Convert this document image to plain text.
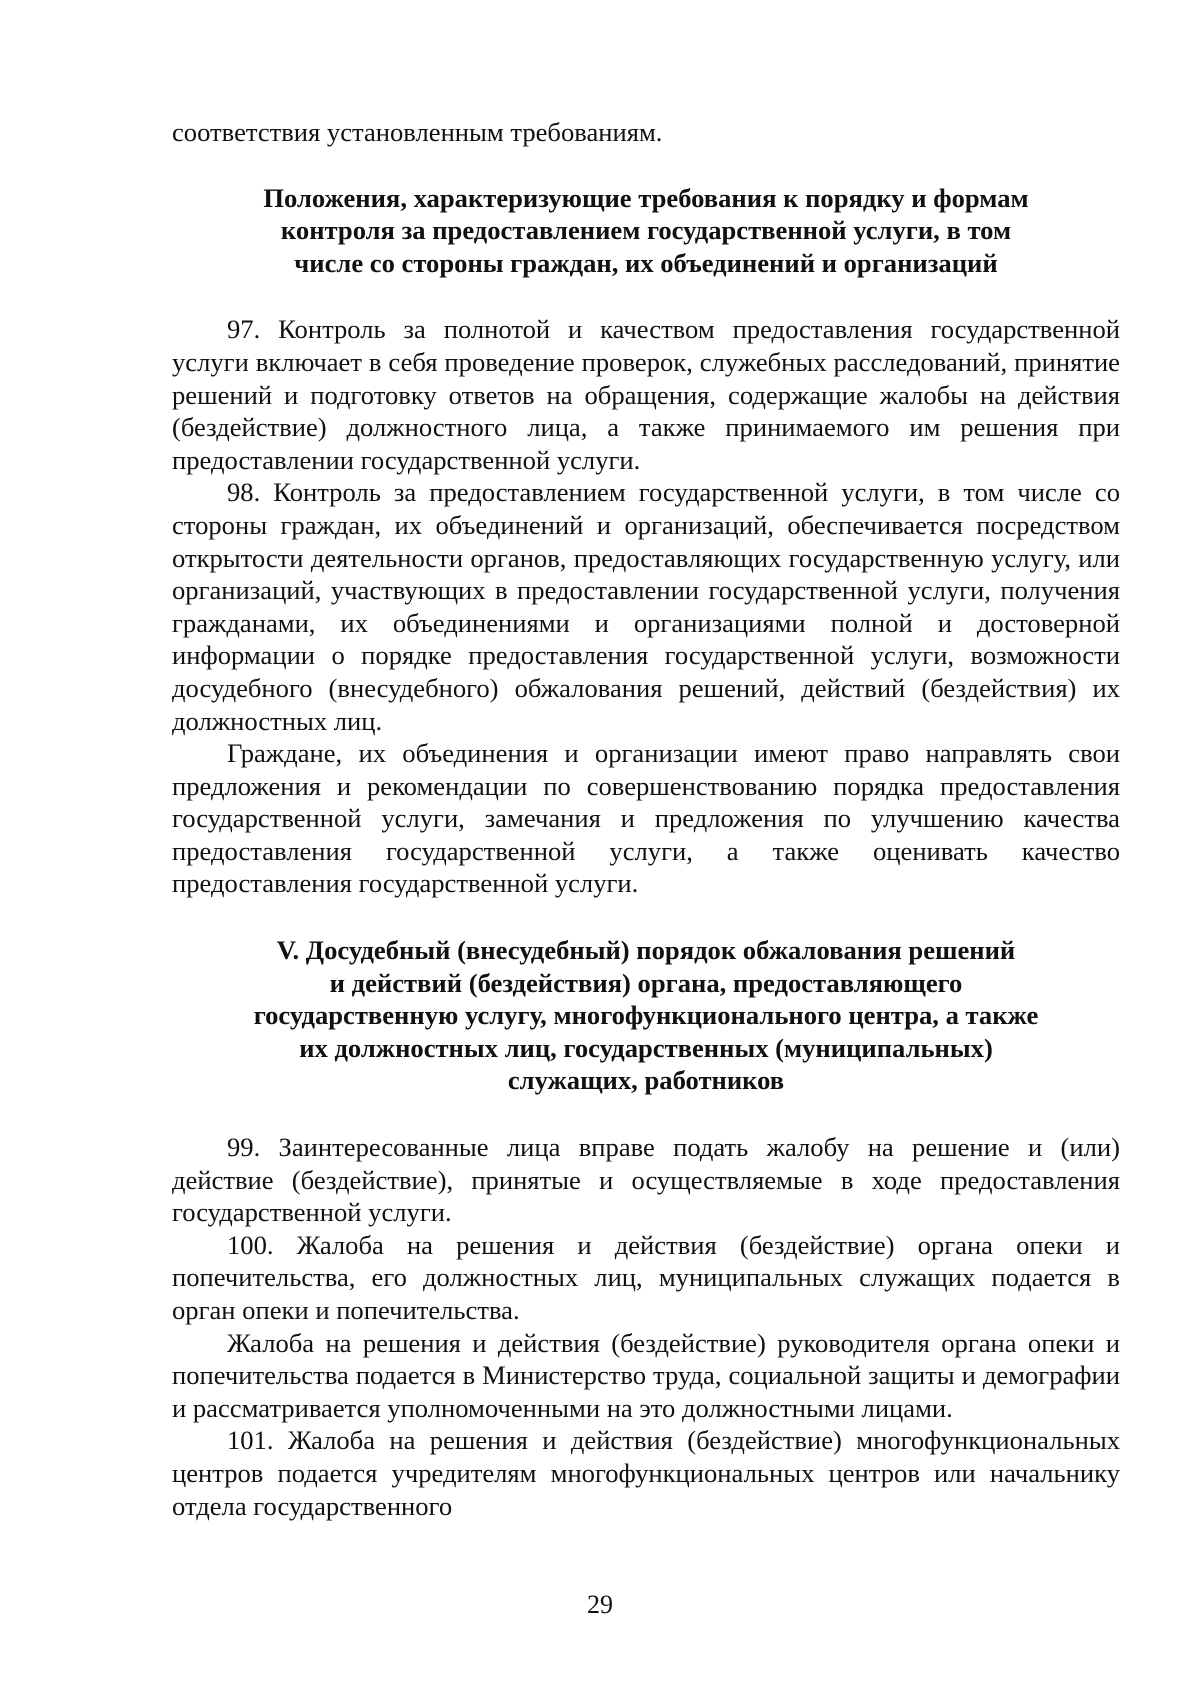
соответствия установленным требованиям.

Положения, характеризующие требования к порядку и формам
контроля за предоставлением государственной услуги, в том
числе со стороны граждан, их объединений и организаций

97. Контроль за полнотой и качеством предоставления государственной услуги включает в себя проведение проверок, служебных расследований, принятие решений и подготовку ответов на обращения, содержащие жалобы на действия (бездействие) должностного лица, а также принимаемого им решения при предоставлении государственной услуги.

98. Контроль за предоставлением государственной услуги, в том числе со стороны граждан, их объединений и организаций, обеспечивается посредством открытости деятельности органов, предоставляющих государственную услугу, или организаций, участвующих в предоставлении государственной услуги, получения гражданами, их объединениями и организациями полной и достоверной информации о порядке предоставления государственной услуги, возможности досудебного (внесудебного) обжалования решений, действий (бездействия) их должностных лиц.

Граждане, их объединения и организации имеют право направлять свои предложения и рекомендации по совершенствованию порядка предоставления государственной услуги, замечания и предложения по улучшению качества предоставления государственной услуги, а также оценивать качество предоставления государственной услуги.

V. Досудебный (внесудебный) порядок обжалования решений
и действий (бездействия) органа, предоставляющего
государственную услугу, многофункционального центра, а также
их должностных лиц, государственных (муниципальных)
служащих, работников

99. Заинтересованные лица вправе подать жалобу на решение и (или) действие (бездействие), принятые и осуществляемые в ходе предоставления государственной услуги.

100. Жалоба на решения и действия (бездействие) органа опеки и попечительства, его должностных лиц, муниципальных служащих подается в орган опеки и попечительства.

Жалоба на решения и действия (бездействие) руководителя органа опеки и попечительства подается в Министерство труда, социальной защиты и демографии и рассматривается уполномоченными на это должностными лицами.

101. Жалоба на решения и действия (бездействие) многофункциональных центров подается учредителям многофункциональных центров или начальнику отдела государственного

29
